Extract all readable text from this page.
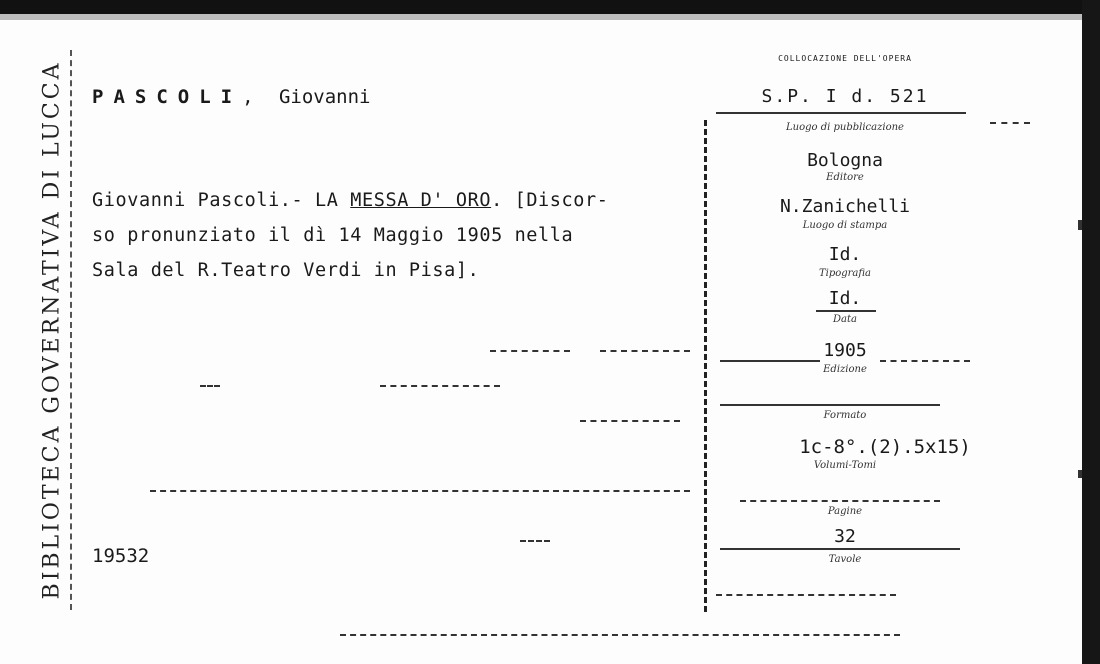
BIBLIOTECA GOVERNATIVA DI LUCCA PASCOLI, Giovanni
Giovanni Pascoli.- LA MESSA D' ORO. [Discor-
so pronunziato il dì 14 Maggio 1905 nella
Sala del R.Teatro Verdi in Pisa].
19532
COLLOCAZIONE DELL'OPERA
S.P. I d. 521
Luogo di pubblicazione
Bologna
Editore
N.Zanichelli
Luogo di stampa
Id.
Tipografia
Id.
Data
1905
Edizione
Formato
1c-8°.(2).5x15)
Volumi-Tomi
Pagine
32
Tavole
